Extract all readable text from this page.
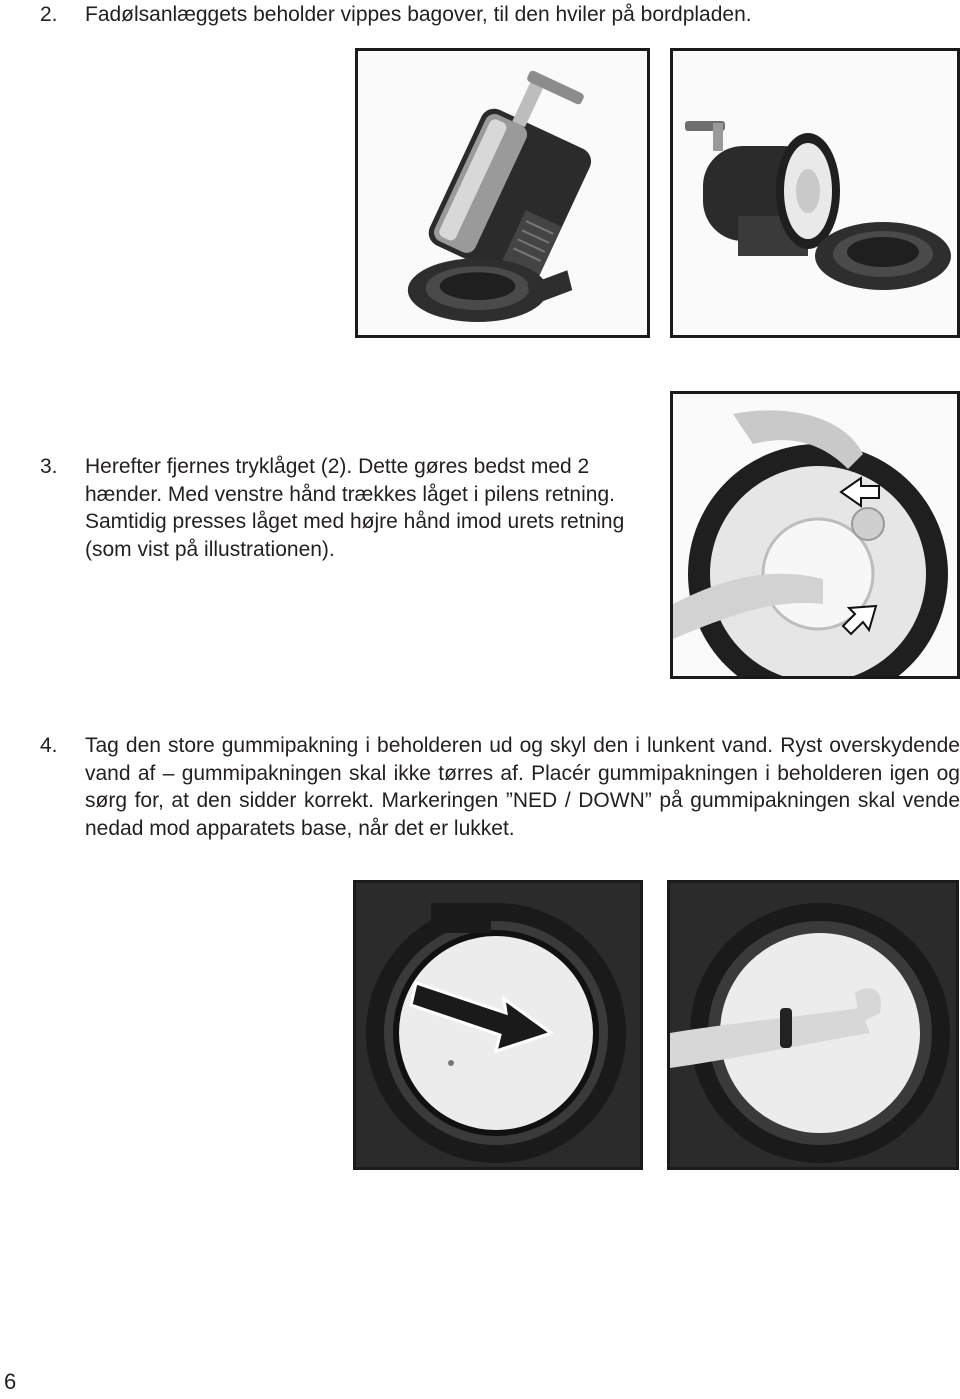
2. Fadølsanlæggets beholder vippes bagover, til den hviler på bordpladen.

3. Herefter fjernes tryklåget (2). Dette gøres bedst med 2 hænder. Med venstre hånd trækkes låget i pilens retning. Samtidig presses låget med højre hånd imod urets retning (som vist på illustrationen).

4. Tag den store gummipakning i beholderen ud og skyl den i lunkent vand. Ryst overskydende vand af – gummipakningen skal ikke tørres af. Placér gummipakningen i beholderen igen og sørg for, at den sidder korrekt. Markeringen ”NED / DOWN” på gummipakningen skal vende nedad mod apparatets base, når det er lukket.

6
